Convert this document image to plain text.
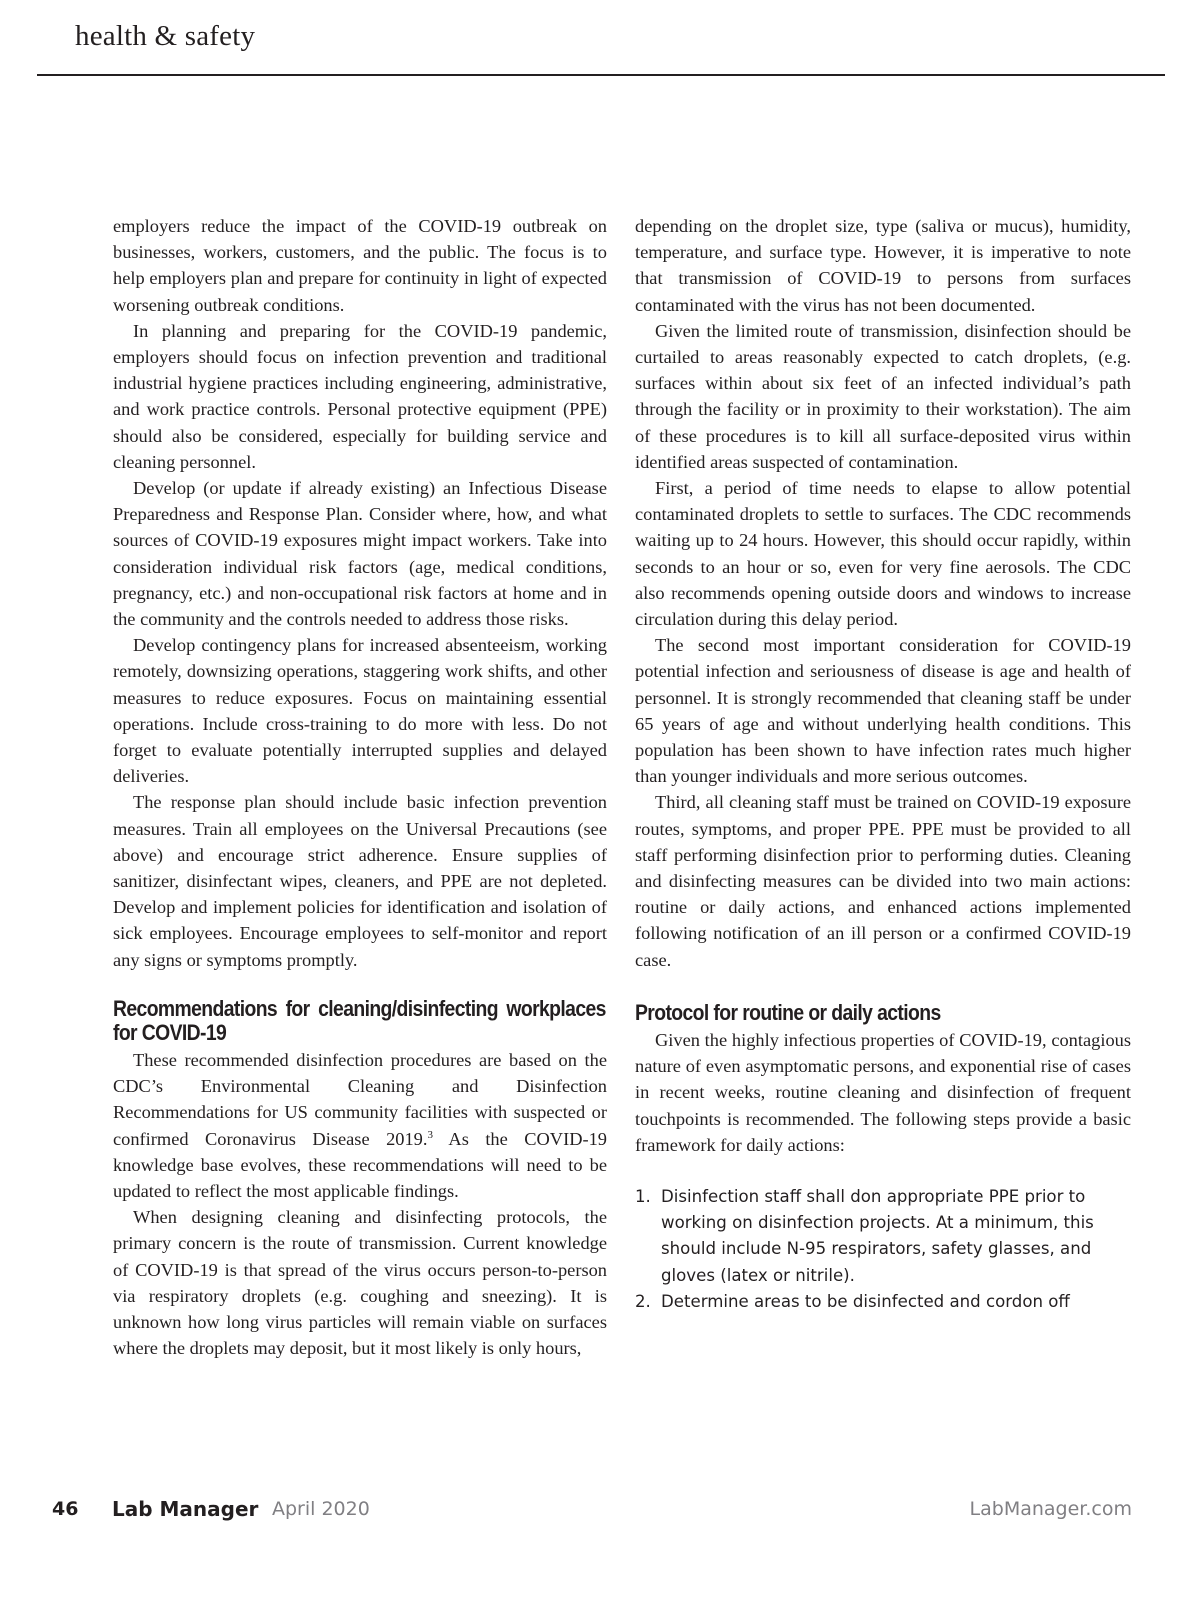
health & safety

employers reduce the impact of the COVID-19 outbreak on businesses, workers, customers, and the public. The focus is to help employers plan and prepare for continuity in light of expected worsening outbreak conditions.

In planning and preparing for the COVID-19 pandemic, employers should focus on infection prevention and traditional industrial hygiene practices including engineering, administrative, and work practice controls. Personal protective equipment (PPE) should also be considered, especially for building service and cleaning personnel.

Develop (or update if already existing) an Infectious Disease Preparedness and Response Plan. Consider where, how, and what sources of COVID-19 exposures might impact workers. Take into consideration individual risk factors (age, medical conditions, pregnancy, etc.) and non-occupational risk factors at home and in the community and the controls needed to address those risks.

Develop contingency plans for increased absenteeism, working remotely, downsizing operations, staggering work shifts, and other measures to reduce exposures. Focus on maintaining essential operations. Include cross-training to do more with less. Do not forget to evaluate potentially interrupted supplies and delayed deliveries.

The response plan should include basic infection prevention measures. Train all employees on the Universal Precautions (see above) and encourage strict adherence. Ensure supplies of sanitizer, disinfectant wipes, cleaners, and PPE are not depleted. Develop and implement policies for identification and isolation of sick employees. Encourage employees to self-monitor and report any signs or symptoms promptly.

Recommendations for cleaning/disinfecting workplaces for COVID-19

These recommended disinfection procedures are based on the CDC’s Environmental Cleaning and Disinfection Recommendations for US community facilities with suspected or confirmed Coronavirus Disease 2019.$^3$ As the COVID-19 knowledge base evolves, these recommendations will need to be updated to reflect the most applicable findings.

When designing cleaning and disinfecting protocols, the primary concern is the route of transmission. Current knowledge of COVID-19 is that spread of the virus occurs person-to-person via respiratory droplets (e.g. coughing and sneezing). It is unknown how long virus particles will remain viable on surfaces where the droplets may deposit, but it most likely is only hours,

depending on the droplet size, type (saliva or mucus), humidity, temperature, and surface type. However, it is imperative to note that transmission of COVID-19 to persons from surfaces contaminated with the virus has not been documented.

Given the limited route of transmission, disinfection should be curtailed to areas reasonably expected to catch droplets, (e.g. surfaces within about six feet of an infected individual’s path through the facility or in proximity to their workstation). The aim of these procedures is to kill all surface-deposited virus within identified areas suspected of contamination.

First, a period of time needs to elapse to allow potential contaminated droplets to settle to surfaces. The CDC recommends waiting up to 24 hours. However, this should occur rapidly, within seconds to an hour or so, even for very fine aerosols. The CDC also recommends opening outside doors and windows to increase circulation during this delay period.

The second most important consideration for COVID-19 potential infection and seriousness of disease is age and health of personnel. It is strongly recommended that cleaning staff be under 65 years of age and without underlying health conditions. This population has been shown to have infection rates much higher than younger individuals and more serious outcomes.

Third, all cleaning staff must be trained on COVID-19 exposure routes, symptoms, and proper PPE. PPE must be provided to all staff performing disinfection prior to performing duties. Cleaning and disinfecting measures can be divided into two main actions: routine or daily actions, and enhanced actions implemented following notification of an ill person or a confirmed COVID-19 case.

Protocol for routine or daily actions

Given the highly infectious properties of COVID-19, contagious nature of even asymptomatic persons, and exponential rise of cases in recent weeks, routine cleaning and disinfection of frequent touchpoints is recommended. The following steps provide a basic framework for daily actions:

1. Disinfection staff shall don appropriate PPE prior to working on disinfection projects. At a minimum, this should include N-95 respirators, safety glasses, and gloves (latex or nitrile).
2. Determine areas to be disinfected and cordon off
46 Lab Manager April 2020	LabManager.com
